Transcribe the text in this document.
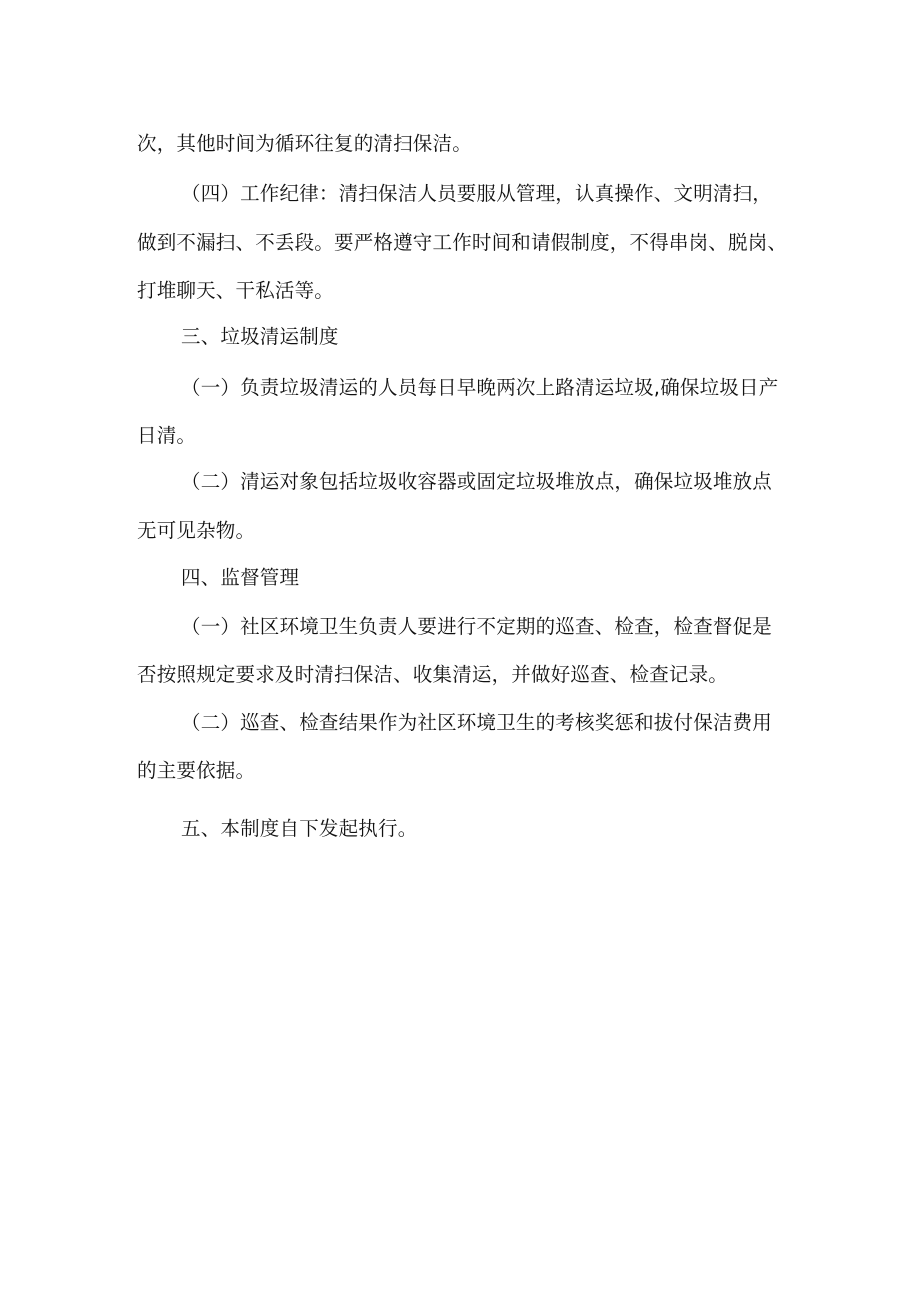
次，其他时间为循环往复的清扫保洁。
（四）工作纪律：清扫保洁人员要服从管理，认真操作、文明清扫，
做到不漏扫、不丢段。要严格遵守工作时间和请假制度，不得串岗、脱岗、
打堆聊天、干私活等。
三、垃圾清运制度
（一）负责垃圾清运的人员每日早晚两次上路清运垃圾,确保垃圾日产
日清。
（二）清运对象包括垃圾收容器或固定垃圾堆放点，确保垃圾堆放点
无可见杂物。
四、监督管理
（一）社区环境卫生负责人要进行不定期的巡查、检查，检查督促是
否按照规定要求及时清扫保洁、收集清运，并做好巡查、检查记录。
（二）巡查、检查结果作为社区环境卫生的考核奖惩和拔付保洁费用
的主要依据。
五、本制度自下发起执行。
